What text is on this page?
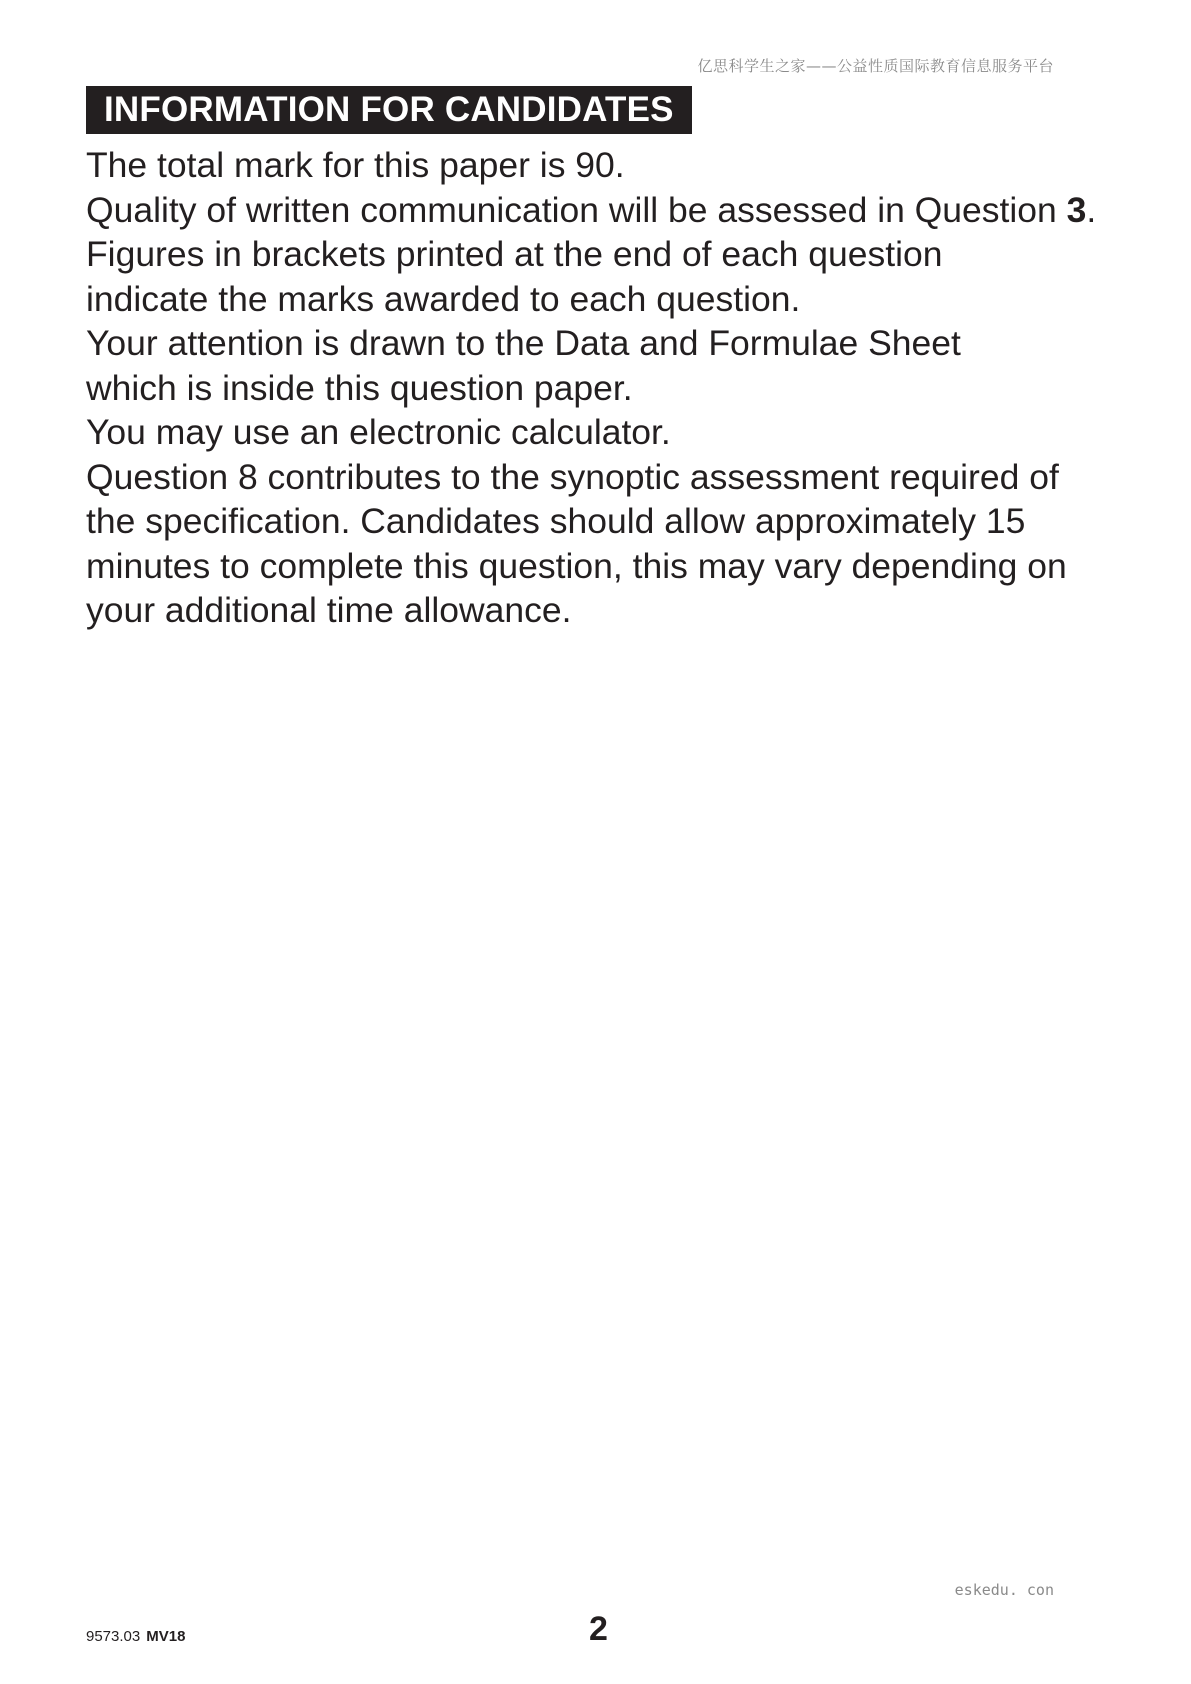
亿思科学生之家——公益性质国际教育信息服务平台
INFORMATION FOR CANDIDATES

The total mark for this paper is 90.

Quality of written communication will be assessed in Question 3.

Figures in brackets printed at the end of each question indicate the marks awarded to each question.

Your attention is drawn to the Data and Formulae Sheet which is inside this question paper.

You may use an electronic calculator.

Question 8 contributes to the synoptic assessment required of the specification. Candidates should allow approximately 15 minutes to complete this question, this may vary depending on your additional time allowance.

eskedu. con
9573.03 MV18	2
